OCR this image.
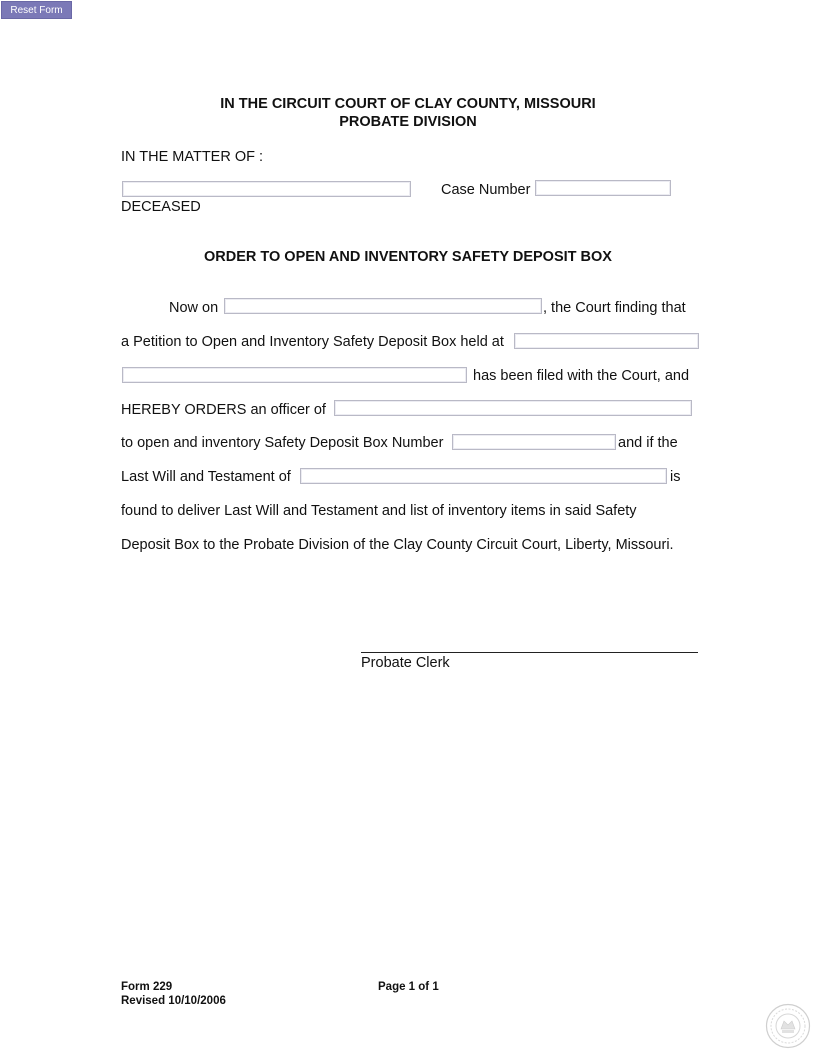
Reset Form
IN THE CIRCUIT COURT OF CLAY COUNTY, MISSOURI
PROBATE DIVISION
IN THE MATTER OF :
DECEASED
Case Number
ORDER TO OPEN AND INVENTORY SAFETY DEPOSIT BOX
Now on	, the Court finding that
a Petition to Open and Inventory Safety Deposit Box held at
has been filed with the Court, and
HEREBY ORDERS an officer of
to open and inventory Safety Deposit Box Number	and if the
Last Will and Testament of	is
found to deliver Last Will and Testament and list of inventory items in said Safety
Deposit Box to the Probate Division of the Clay County Circuit Court, Liberty, Missouri.
Probate Clerk
Form 229
Revised 10/10/2006
Page 1 of 1
